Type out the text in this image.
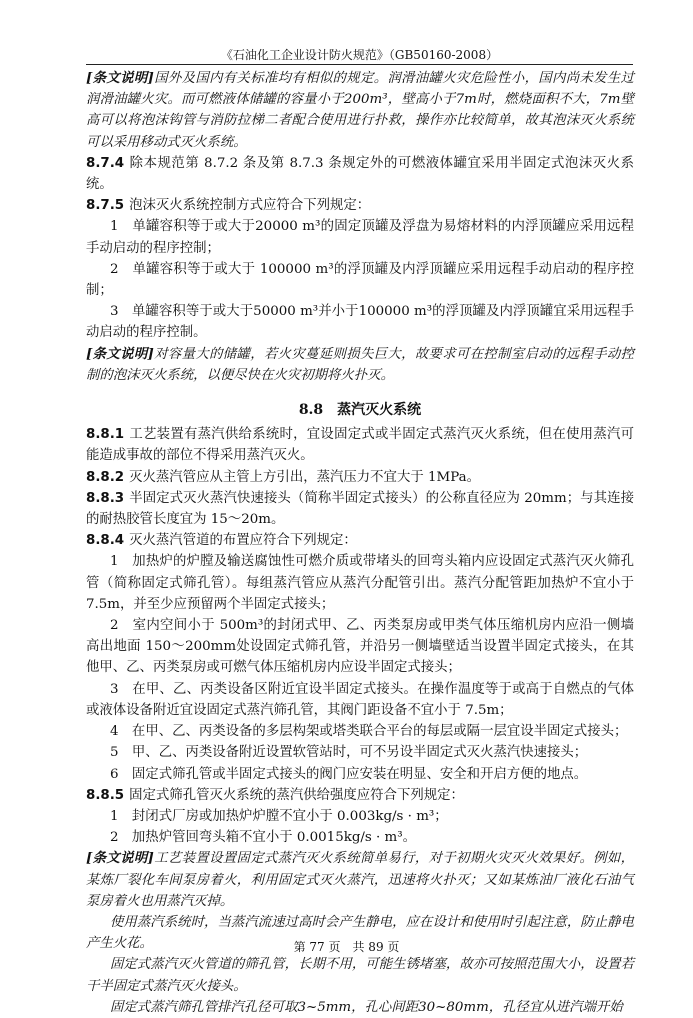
《石油化工企业设计防火规范》（GB50160-2008）

[条文说明]国外及国内有关标准均有相似的规定。润滑油罐火灾危险性小，国内尚未发生过润滑油罐火灾。而可燃液体储罐的容量小于200m³，壁高小于7m时，燃烧面积不大，7m壁高可以将泡沫钩管与消防拉梯二者配合使用进行扑救，操作亦比较简单，故其泡沫灭火系统可以采用移动式灭火系统。

8.7.4 除本规范第 8.7.2 条及第 8.7.3 条规定外的可燃液体罐宜采用半固定式泡沫灭火系统。

8.7.5 泡沫灭火系统控制方式应符合下列规定：

1　单罐容积等于或大于20000 m³的固定顶罐及浮盘为易熔材料的内浮顶罐应采用远程手动启动的程序控制；

2　单罐容积等于或大于 100000 m³的浮顶罐及内浮顶罐应采用远程手动启动的程序控制；

3　单罐容积等于或大于50000 m³并小于100000 m³的浮顶罐及内浮顶罐宜采用远程手动启动的程序控制。

[条文说明]对容量大的储罐，若火灾蔓延则损失巨大，故要求可在控制室启动的远程手动控制的泡沫灭火系统，以便尽快在火灾初期将火扑灭。

8.8　蒸汽灭火系统

8.8.1 工艺装置有蒸汽供给系统时，宜设固定式或半固定式蒸汽灭火系统，但在使用蒸汽可能造成事故的部位不得采用蒸汽灭火。

8.8.2 灭火蒸汽管应从主管上方引出，蒸汽压力不宜大于 1MPa。

8.8.3 半固定式灭火蒸汽快速接头（简称半固定式接头）的公称直径应为 20mm；与其连接的耐热胶管长度宜为 15～20m。

8.8.4 灭火蒸汽管道的布置应符合下列规定：

1　加热炉的炉膛及输送腐蚀性可燃介质或带堵头的回弯头箱内应设固定式蒸汽灭火筛孔管（简称固定式筛孔管）。每组蒸汽管应从蒸汽分配管引出。蒸汽分配管距加热炉不宜小于 7.5m，并至少应预留两个半固定式接头；

2　室内空间小于 500m³的封闭式甲、乙、丙类泵房或甲类气体压缩机房内应沿一侧墙高出地面 150～200mm处设固定式筛孔管，并沿另一侧墙壁适当设置半固定式接头，在其他甲、乙、丙类泵房或可燃气体压缩机房内应设半固定式接头；

3　在甲、乙、丙类设备区附近宜设半固定式接头。在操作温度等于或高于自燃点的气体或液体设备附近宜设固定式蒸汽筛孔管，其阀门距设备不宜小于 7.5m；

4　在甲、乙、丙类设备的多层构架或塔类联合平台的每层或隔一层宜设半固定式接头；

5　甲、乙、丙类设备附近设置软管站时，可不另设半固定式灭火蒸汽快速接头；

6　固定式筛孔管或半固定式接头的阀门应安装在明显、安全和开启方便的地点。

8.8.5 固定式筛孔管灭火系统的蒸汽供给强度应符合下列规定：

1　封闭式厂房或加热炉炉膛不宜小于 0.003kg/s · m³；

2　加热炉管回弯头箱不宜小于 0.0015kg/s · m³。

[条文说明]工艺装置设置固定式蒸汽灭火系统简单易行，对于初期火灾灭火效果好。例如，某炼厂裂化车间泵房着火，利用固定式灭火蒸汽，迅速将火扑灭；又如某炼油厂液化石油气泵房着火也用蒸汽灭掉。

使用蒸汽系统时，当蒸汽流速过高时会产生静电，应在设计和使用时引起注意，防止静电产生火花。

固定式蒸汽灭火管道的筛孔管，长期不用，可能生锈堵塞，故亦可按照范围大小，设置若干半固定式蒸汽灭火接头。

固定式蒸汽筛孔管排汽孔径可取3~5mm，孔心间距30~80mm，孔径宜从进汽端开始

第 77 页　共 89 页
